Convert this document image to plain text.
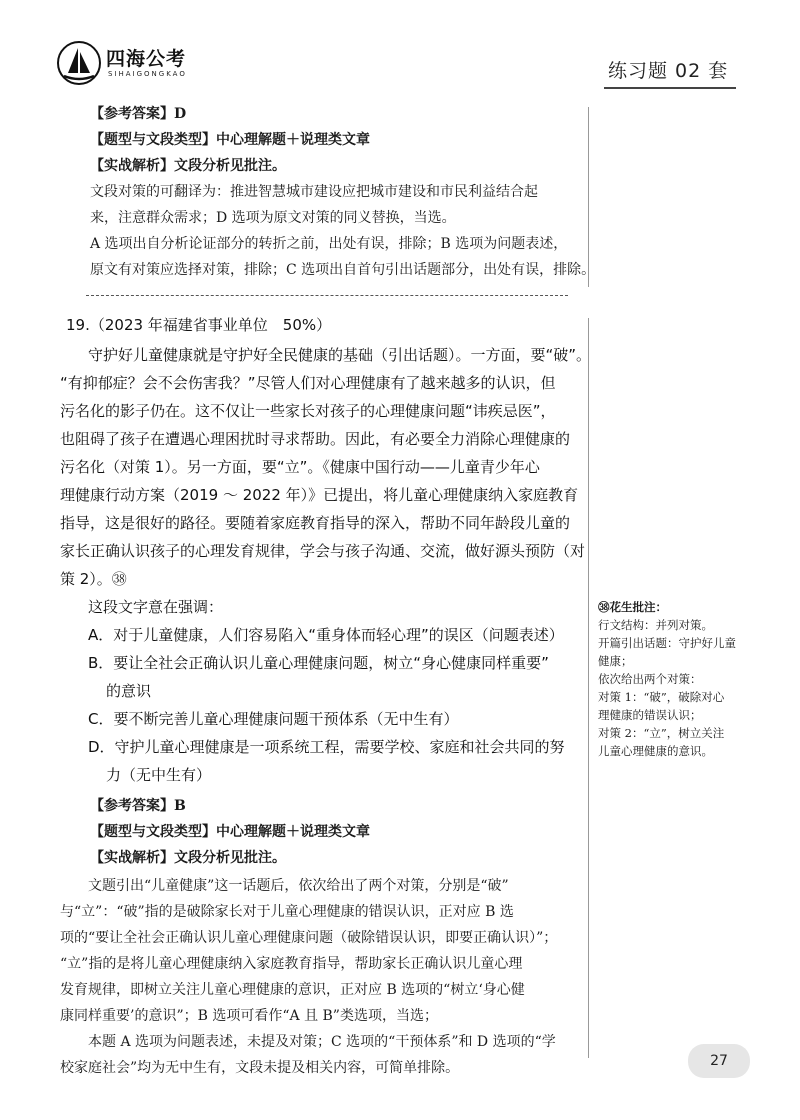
四海公考
SIHAIGONGKAO	练习题 02 套
【参考答案】D
【题型与文段类型】中心理解题＋说理类文章
【实战解析】文段分析见批注。
文段对策的可翻译为：推进智慧城市建设应把城市建设和市民利益结合起
来，注意群众需求；D 选项为原文对策的同义替换，当选。
A 选项出自分析论证部分的转折之前，出处有误，排除；B 选项为问题表述，
原文有对策应选择对策，排除；C 选项出自首句引出话题部分，出处有误，排除。
19.（2023 年福建省事业单位　50%）
守护好儿童健康就是守护好全民健康的基础（引出话题）。一方面，要“破”。
“有抑郁症？会不会伤害我？”尽管人们对心理健康有了越来越多的认识，但
污名化的影子仍在。这不仅让一些家长对孩子的心理健康问题“讳疾忌医”，
也阻碍了孩子在遭遇心理困扰时寻求帮助。因此，有必要全力消除心理健康的
污名化（对策 1）。另一方面，要“立”。《健康中国行动——儿童青少年心
理健康行动方案（2019 ～ 2022 年）》已提出，将儿童心理健康纳入家庭教育
指导，这是很好的路径。要随着家庭教育指导的深入，帮助不同年龄段儿童的
家长正确认识孩子的心理发育规律，学会与孩子沟通、交流，做好源头预防（对
策 2）。㊳
这段文字意在强调：
A．对于儿童健康，人们容易陷入“重身体而轻心理”的误区（问题表述）
B．要让全社会正确认识儿童心理健康问题，树立“身心健康同样重要”
的意识
C．要不断完善儿童心理健康问题干预体系（无中生有）
D．守护儿童心理健康是一项系统工程，需要学校、家庭和社会共同的努
力（无中生有）
【参考答案】B
【题型与文段类型】中心理解题＋说理类文章
【实战解析】文段分析见批注。
文题引出“儿童健康”这一话题后，依次给出了两个对策，分别是“破”
与“立”：“破”指的是破除家长对于儿童心理健康的错误认识，正对应 B 选
项的“要让全社会正确认识儿童心理健康问题（破除错误认识，即要正确认识）”；
“立”指的是将儿童心理健康纳入家庭教育指导，帮助家长正确认识儿童心理
发育规律，即树立关注儿童心理健康的意识，正对应 B 选项的“树立‘身心健
康同样重要’的意识”；B 选项可看作“A 且 B”类选项，当选；
本题 A 选项为问题表述，未提及对策；C 选项的“干预体系”和 D 选项的“学
校家庭社会”均为无中生有，文段未提及相关内容，可简单排除。
㊳花生批注：
行文结构：并列对策。
开篇引出话题：守护好儿童
健康；
依次给出两个对策：
对策 1：“破”，破除对心
理健康的错误认识；
对策 2：“立”，树立关注
儿童心理健康的意识。
27
